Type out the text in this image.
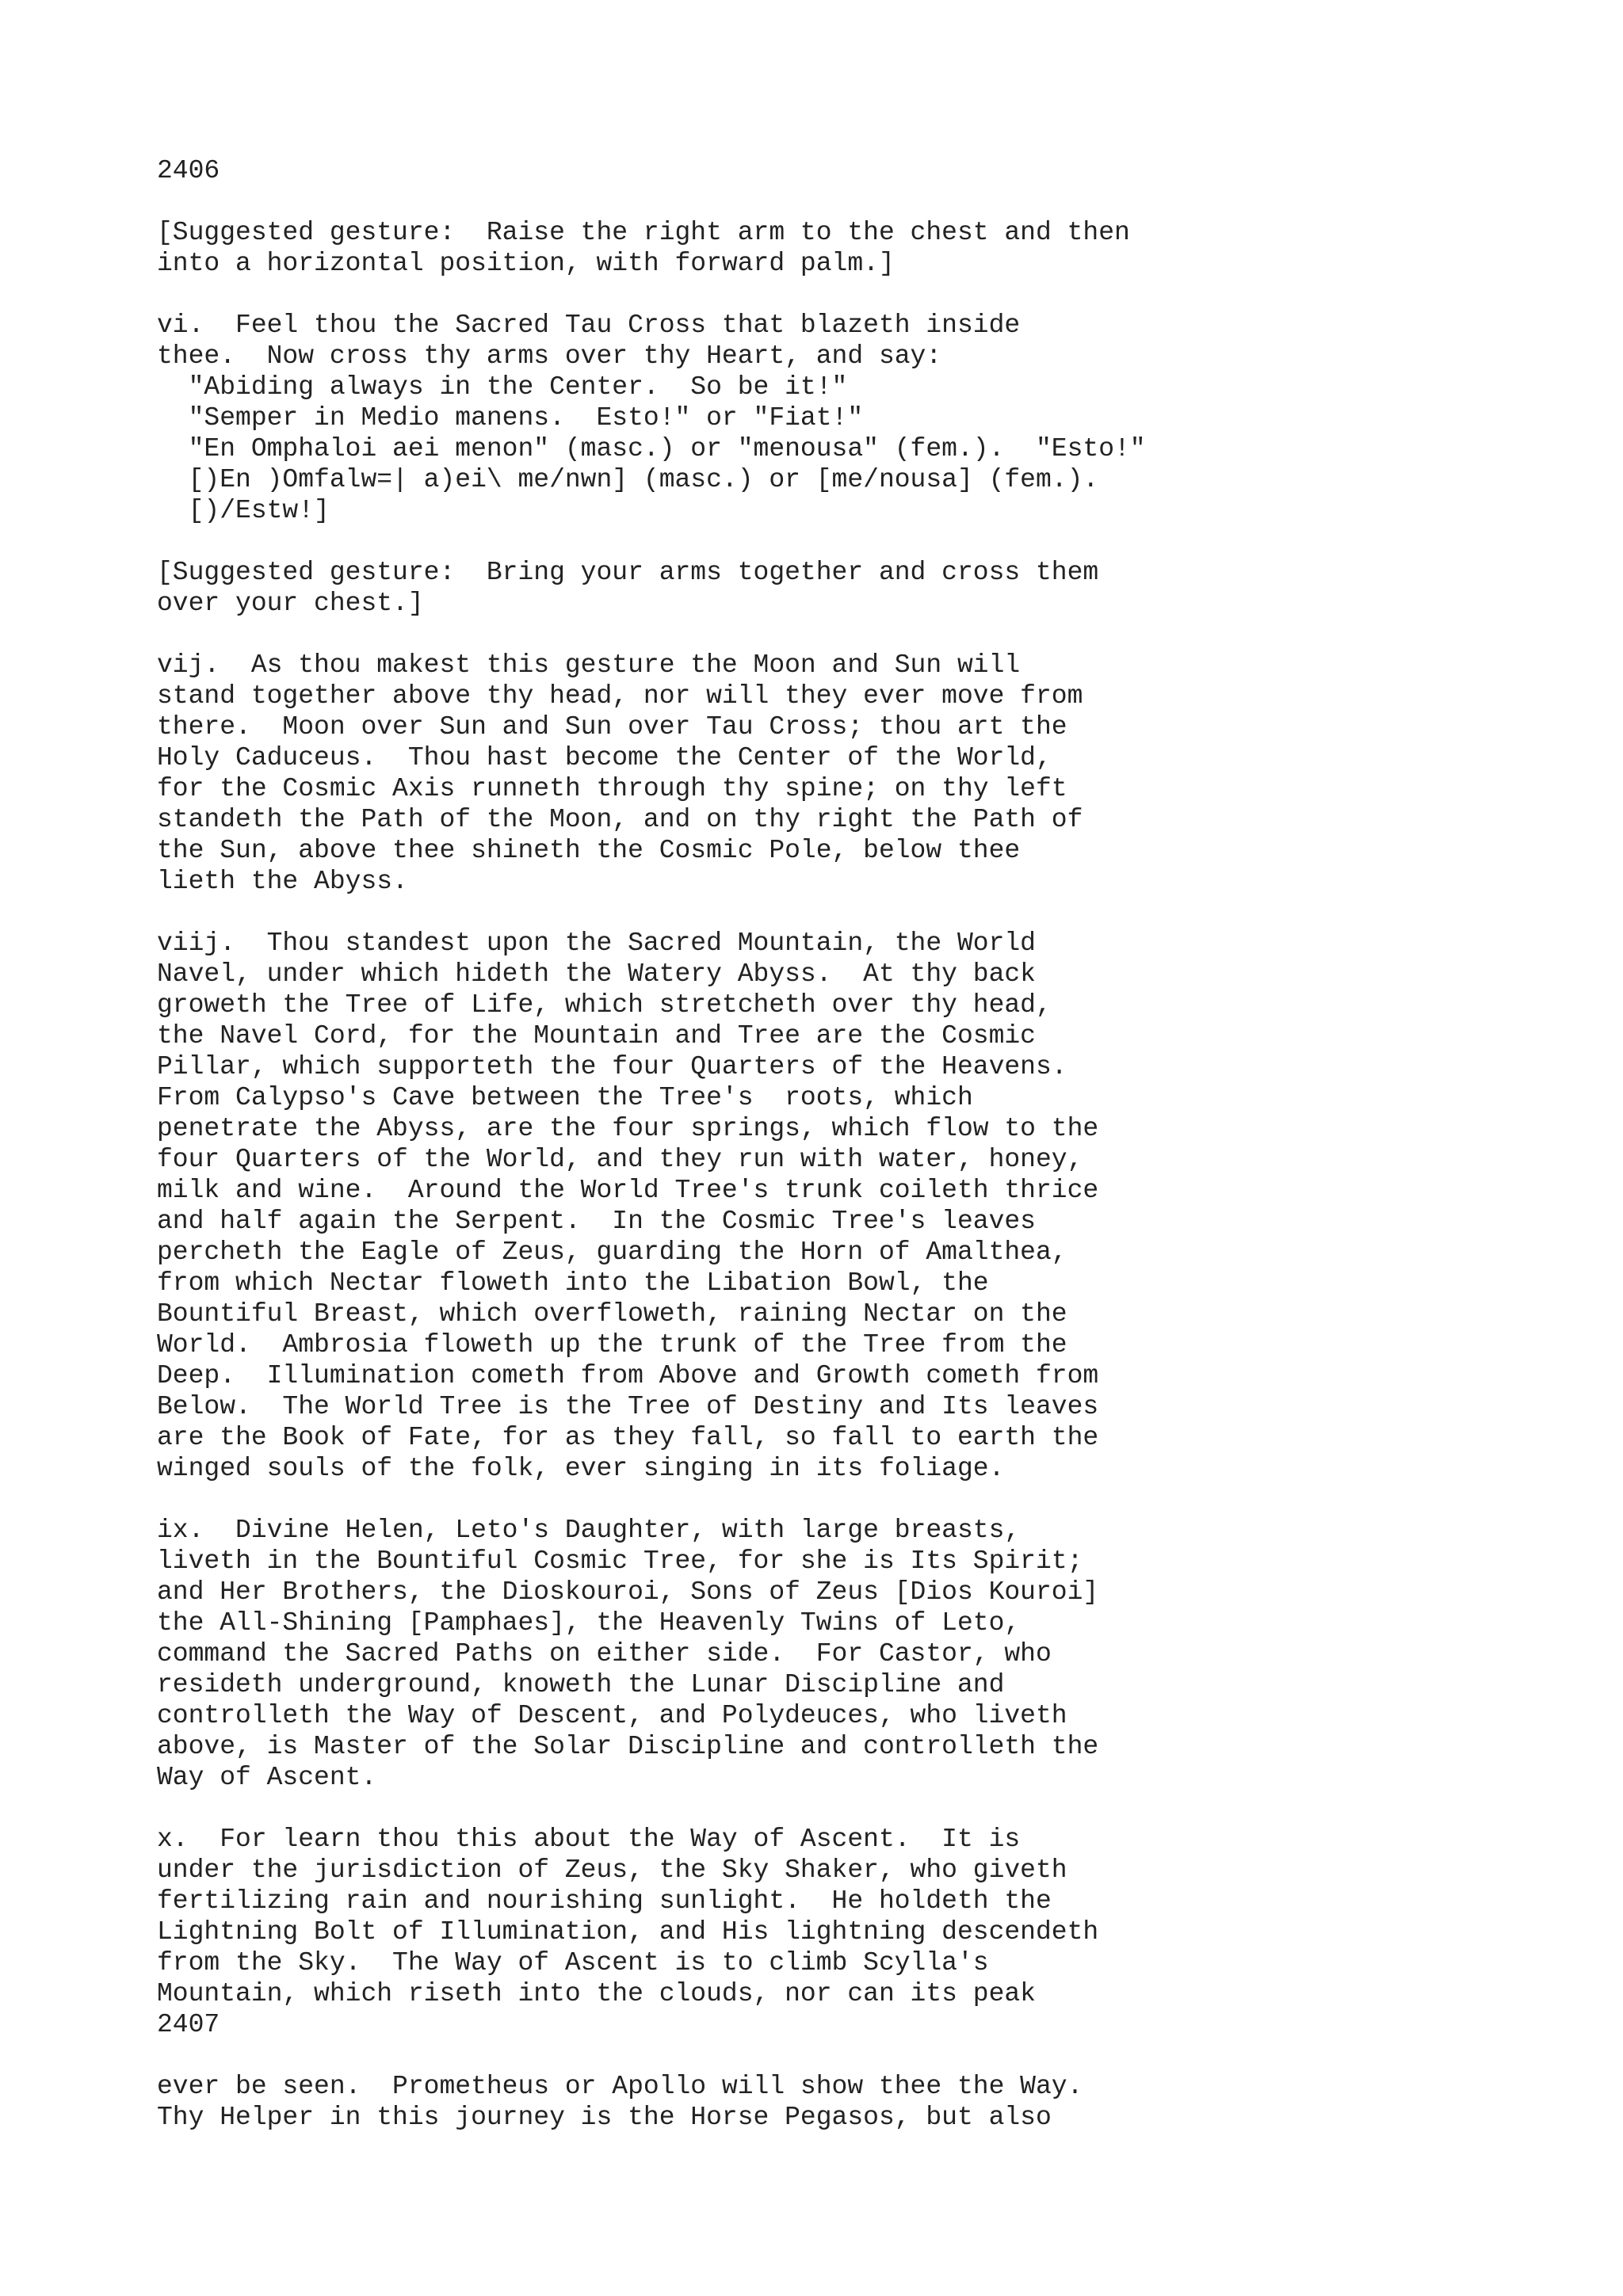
2406
[Suggested gesture:  Raise the right arm to the chest and then
into a horizontal position, with forward palm.]
vi.  Feel thou the Sacred Tau Cross that blazeth inside
thee.  Now cross thy arms over thy Heart, and say:
"Abiding always in the Center.  So be it!"
"Semper in Medio manens.  Esto!" or "Fiat!"
"En Omphaloi aei menon" (masc.) or "menousa" (fem.).  "Esto!"
[)En )Omfalw=| a)ei\ me/nwn] (masc.) or [me/nousa] (fem.).
[)/Estw!]
[Suggested gesture:  Bring your arms together and cross them
over your chest.]
vij.  As thou makest this gesture the Moon and Sun will
stand together above thy head, nor will they ever move from
there.  Moon over Sun and Sun over Tau Cross; thou art the
Holy Caduceus.  Thou hast become the Center of the World,
for the Cosmic Axis runneth through thy spine; on thy left
standeth the Path of the Moon, and on thy right the Path of
the Sun, above thee shineth the Cosmic Pole, below thee
lieth the Abyss.
viij.  Thou standest upon the Sacred Mountain, the World
Navel, under which hideth the Watery Abyss.  At thy back
groweth the Tree of Life, which stretcheth over thy head,
the Navel Cord, for the Mountain and Tree are the Cosmic
Pillar, which supporteth the four Quarters of the Heavens.
From Calypso's Cave between the Tree's  roots, which
penetrate the Abyss, are the four springs, which flow to the
four Quarters of the World, and they run with water, honey,
milk and wine.  Around the World Tree's trunk coileth thrice
and half again the Serpent.  In the Cosmic Tree's leaves
percheth the Eagle of Zeus, guarding the Horn of Amalthea,
from which Nectar floweth into the Libation Bowl, the
Bountiful Breast, which overfloweth, raining Nectar on the
World.  Ambrosia floweth up the trunk of the Tree from the
Deep.  Illumination cometh from Above and Growth cometh from
Below.  The World Tree is the Tree of Destiny and Its leaves
are the Book of Fate, for as they fall, so fall to earth the
winged souls of the folk, ever singing in its foliage.
ix.  Divine Helen, Leto's Daughter, with large breasts,
liveth in the Bountiful Cosmic Tree, for she is Its Spirit;
and Her Brothers, the Dioskouroi, Sons of Zeus [Dios Kouroi]
the All-Shining [Pamphaes], the Heavenly Twins of Leto,
command the Sacred Paths on either side.  For Castor, who
resideth underground, knoweth the Lunar Discipline and
controlleth the Way of Descent, and Polydeuces, who liveth
above, is Master of the Solar Discipline and controlleth the
Way of Ascent.
x.  For learn thou this about the Way of Ascent.  It is
under the jurisdiction of Zeus, the Sky Shaker, who giveth
fertilizing rain and nourishing sunlight.  He holdeth the
Lightning Bolt of Illumination, and His lightning descendeth
from the Sky.  The Way of Ascent is to climb Scylla's
Mountain, which riseth into the clouds, nor can its peak
2407
ever be seen.  Prometheus or Apollo will show thee the Way.
Thy Helper in this journey is the Horse Pegasos, but also
